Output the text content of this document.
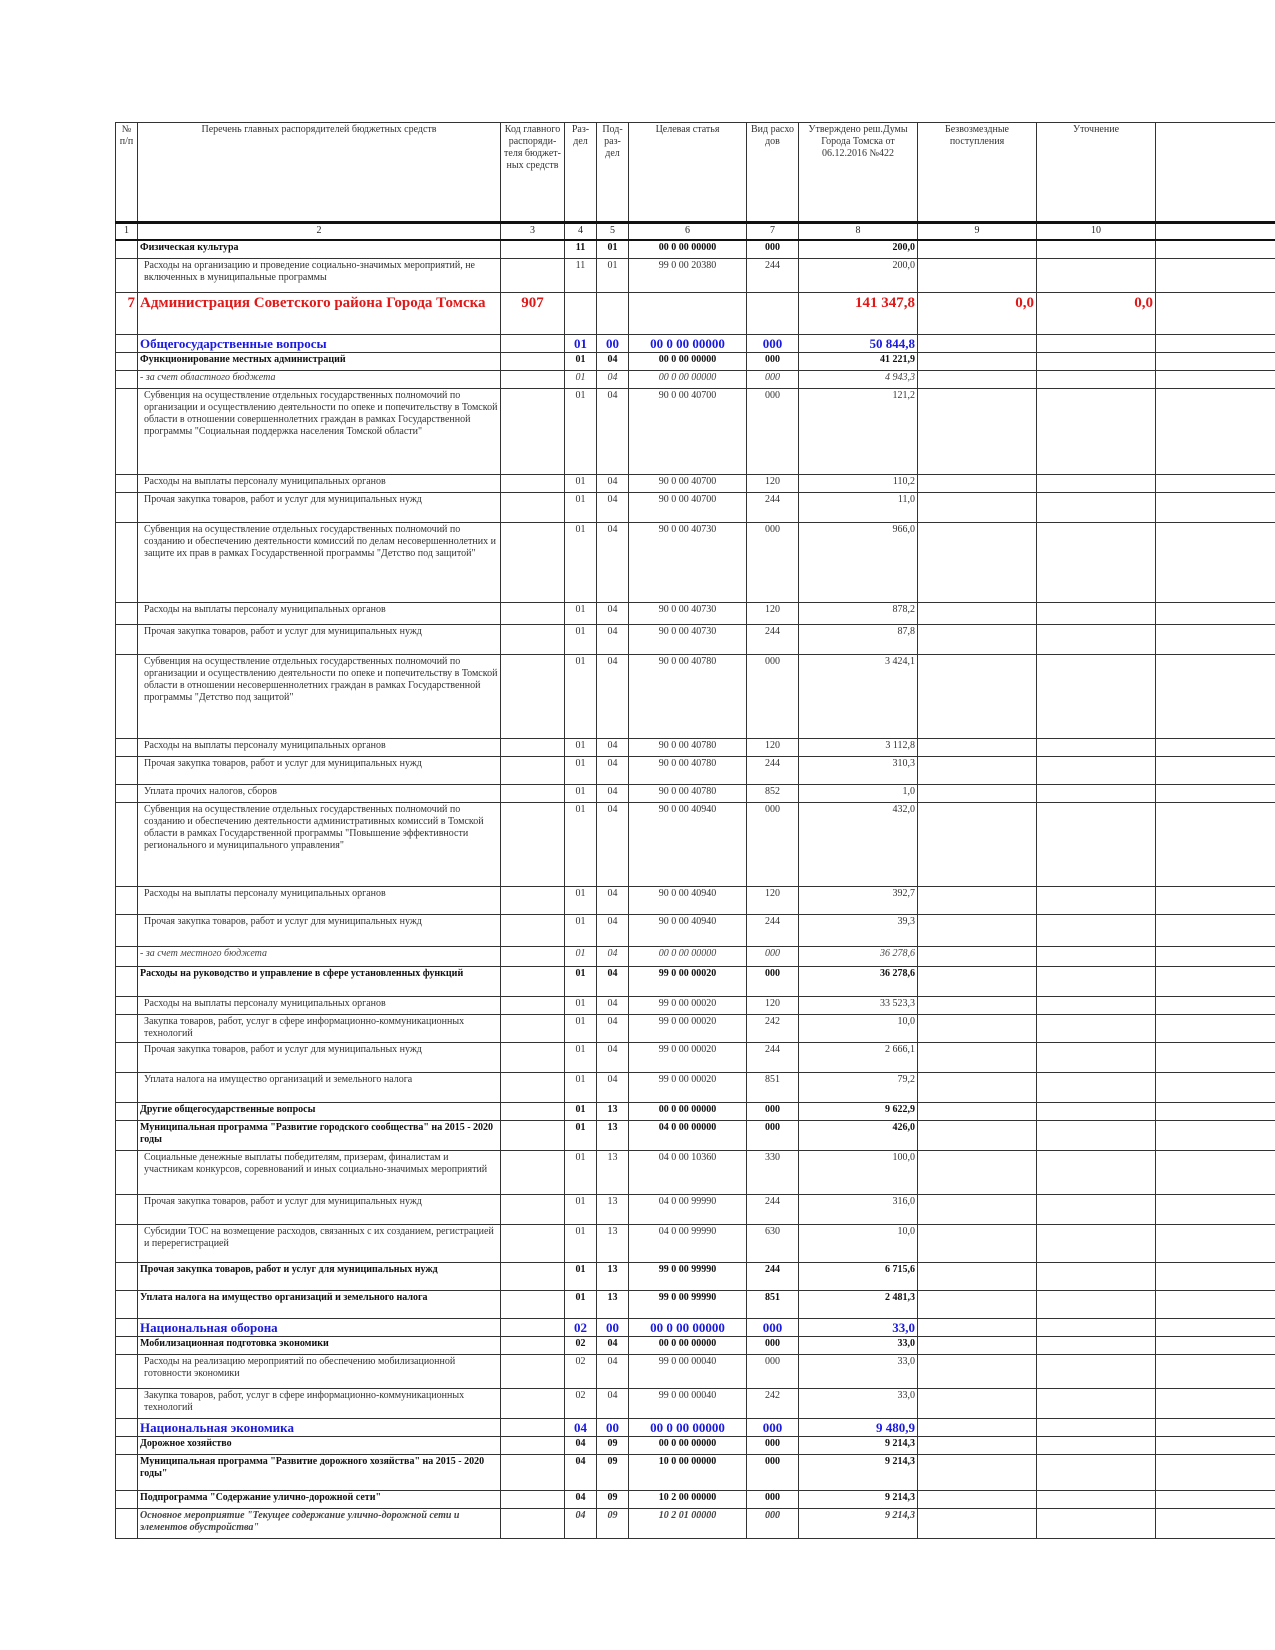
№ п/п	Перечень главных распорядителей бюджетных средств	Код главного распоряди-теля бюджет-ных средств	Раз-дел	Под-раз-дел	Целевая статья	Вид расхо дов	Утверждено реш.Думы Города Томска от 06.12.2016 №422	Безвозмездные поступления	Уточнение	
1	2	3	4	5	6	7	8	9	10	
	Физическая культура		11	01	00 0 00 00000	000	200,0			
	Расходы на организацию и проведение социально-значимых мероприятий, не включенных в муниципальные программы		11	01	99 0 00 20380	244	200,0			
7	Администрация Советского района Города Томска	907					141 347,8	0,0	0,0	
	Общегосударственные вопросы		01	00	00 0 00 00000	000	50 844,8			
	Функционирование местных администраций		01	04	00 0 00 00000	000	41 221,9			
	- за счет областного бюджета		01	04	00 0 00 00000	000	4 943,3			
	Субвенция на осуществление отдельных государственных полномочий по организации и осуществлению деятельности по опеке и попечительству в Томской области в отношении совершеннолетних граждан в рамках Государственной программы "Социальная поддержка населения Томской области"		01	04	90 0 00 40700	000	121,2			
	Расходы на выплаты персоналу муниципальных органов		01	04	90 0 00 40700	120	110,2			
	Прочая закупка товаров, работ и услуг для муниципальных нужд		01	04	90 0 00 40700	244	11,0			
	Субвенция на осуществление отдельных государственных полномочий по созданию и обеспечению деятельности комиссий по делам несовершеннолетних и защите их прав в рамках Государственной программы "Детство под защитой"		01	04	90 0 00 40730	000	966,0			
	Расходы на выплаты персоналу муниципальных органов		01	04	90 0 00 40730	120	878,2			
	Прочая закупка товаров, работ и услуг для муниципальных нужд		01	04	90 0 00 40730	244	87,8			
	Субвенция на осуществление отдельных государственных полномочий по организации и осуществлению деятельности по опеке и попечительству в Томской области в отношении несовершеннолетних граждан в рамках Государственной программы "Детство под защитой"		01	04	90 0 00 40780	000	3 424,1			
	Расходы на выплаты персоналу муниципальных органов		01	04	90 0 00 40780	120	3 112,8			
	Прочая закупка товаров, работ и услуг для муниципальных нужд		01	04	90 0 00 40780	244	310,3			
	Уплата прочих налогов, сборов		01	04	90 0 00 40780	852	1,0			
	Субвенция на осуществление отдельных государственных полномочий по созданию и обеспечению деятельности административных комиссий в Томской области в рамках Государственной программы "Повышение эффективности регионального и муниципального управления"		01	04	90 0 00 40940	000	432,0			
	Расходы на выплаты персоналу муниципальных органов		01	04	90 0 00 40940	120	392,7			
	Прочая закупка товаров, работ и услуг для муниципальных нужд		01	04	90 0 00 40940	244	39,3			
	- за счет местного бюджета		01	04	00 0 00 00000	000	36 278,6			
	Расходы на руководство и управление в сфере установленных функций		01	04	99 0 00 00020	000	36 278,6			
	Расходы на выплаты персоналу муниципальных органов		01	04	99 0 00 00020	120	33 523,3			
	Закупка товаров, работ, услуг в сфере информационно-коммуникационных технологий		01	04	99 0 00 00020	242	10,0			
	Прочая закупка товаров, работ и услуг для муниципальных нужд		01	04	99 0 00 00020	244	2 666,1			
	Уплата налога на имущество организаций и земельного налога		01	04	99 0 00 00020	851	79,2			
	Другие общегосударственные вопросы		01	13	00 0 00 00000	000	9 622,9			
	Муниципальная программа "Развитие городского сообщества" на 2015 - 2020 годы		01	13	04 0 00 00000	000	426,0			
	Социальные денежные выплаты победителям, призерам, финалистам и участникам конкурсов, соревнований и иных социально-значимых мероприятий		01	13	04 0 00 10360	330	100,0			
	Прочая закупка товаров, работ и услуг для муниципальных нужд		01	13	04 0 00 99990	244	316,0			
	Субсидии ТОС на возмещение расходов, связанных с их созданием, регистрацией и перерегистрацией		01	13	04 0 00 99990	630	10,0			
	Прочая закупка товаров, работ и услуг для муниципальных нужд		01	13	99 0 00 99990	244	6 715,6			
	Уплата налога на имущество организаций и земельного налога		01	13	99 0 00 99990	851	2 481,3			
	Национальная оборона		02	00	00 0 00 00000	000	33,0			
	Мобилизационная подготовка экономики		02	04	00 0 00 00000	000	33,0			
	Расходы на реализацию мероприятий по обеспечению мобилизационной готовности экономики		02	04	99 0 00 00040	000	33,0			
	Закупка товаров, работ, услуг в сфере информационно-коммуникационных технологий		02	04	99 0 00 00040	242	33,0			
	Национальная экономика		04	00	00 0 00 00000	000	9 480,9			
	Дорожное хозяйство		04	09	00 0 00 00000	000	9 214,3			
	Муниципальная программа "Развитие дорожного хозяйства" на 2015 - 2020 годы"		04	09	10 0 00 00000	000	9 214,3			
	Подпрограмма "Содержание улично-дорожной сети"		04	09	10 2 00 00000	000	9 214,3			
	Основное мероприятие "Текущее содержание улично-дорожной сети и элементов обустройства"		04	09	10 2 01 00000	000	9 214,3			
